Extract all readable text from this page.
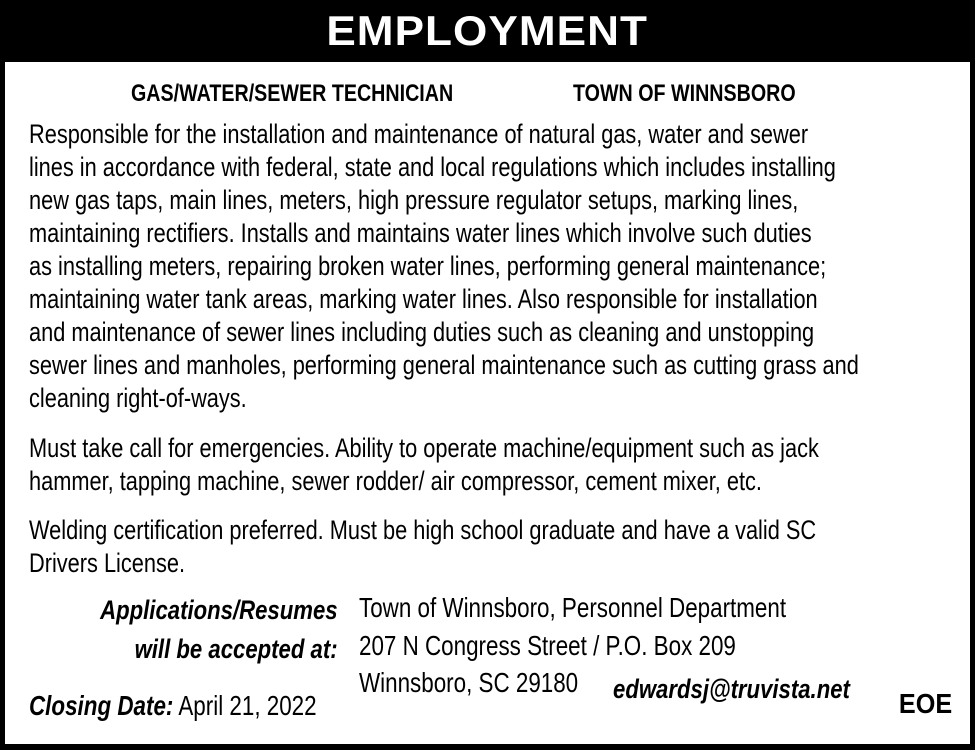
EMPLOYMENT
GAS/WATER/SEWER TECHNICIAN	TOWN OF WINNSBORO
Responsible for the installation and maintenance of natural gas, water and sewer
lines in accordance with federal, state and local regulations which includes installing
new gas taps, main lines, meters, high pressure regulator setups, marking lines,
maintaining rectifiers. Installs and maintains water lines which involve such duties
as installing meters, repairing broken water lines, performing general maintenance;
maintaining water tank areas, marking water lines. Also responsible for installation
and maintenance of sewer lines including duties such as cleaning and unstopping
sewer lines and manholes, performing general maintenance such as cutting grass and
cleaning right-of-ways.
Must take call for emergencies. Ability to operate machine/equipment such as jack
hammer, tapping machine, sewer rodder/ air compressor, cement mixer, etc.
Welding certification preferred. Must be high school graduate and have a valid SC
Drivers License.
Applications/Resumes
will be accepted at:
Town of Winnsboro, Personnel Department
207 N Congress Street / P.O. Box 209
Winnsboro, SC 29180 edwardsj@truvista.net
Closing Date: April 21, 2022	EOE
